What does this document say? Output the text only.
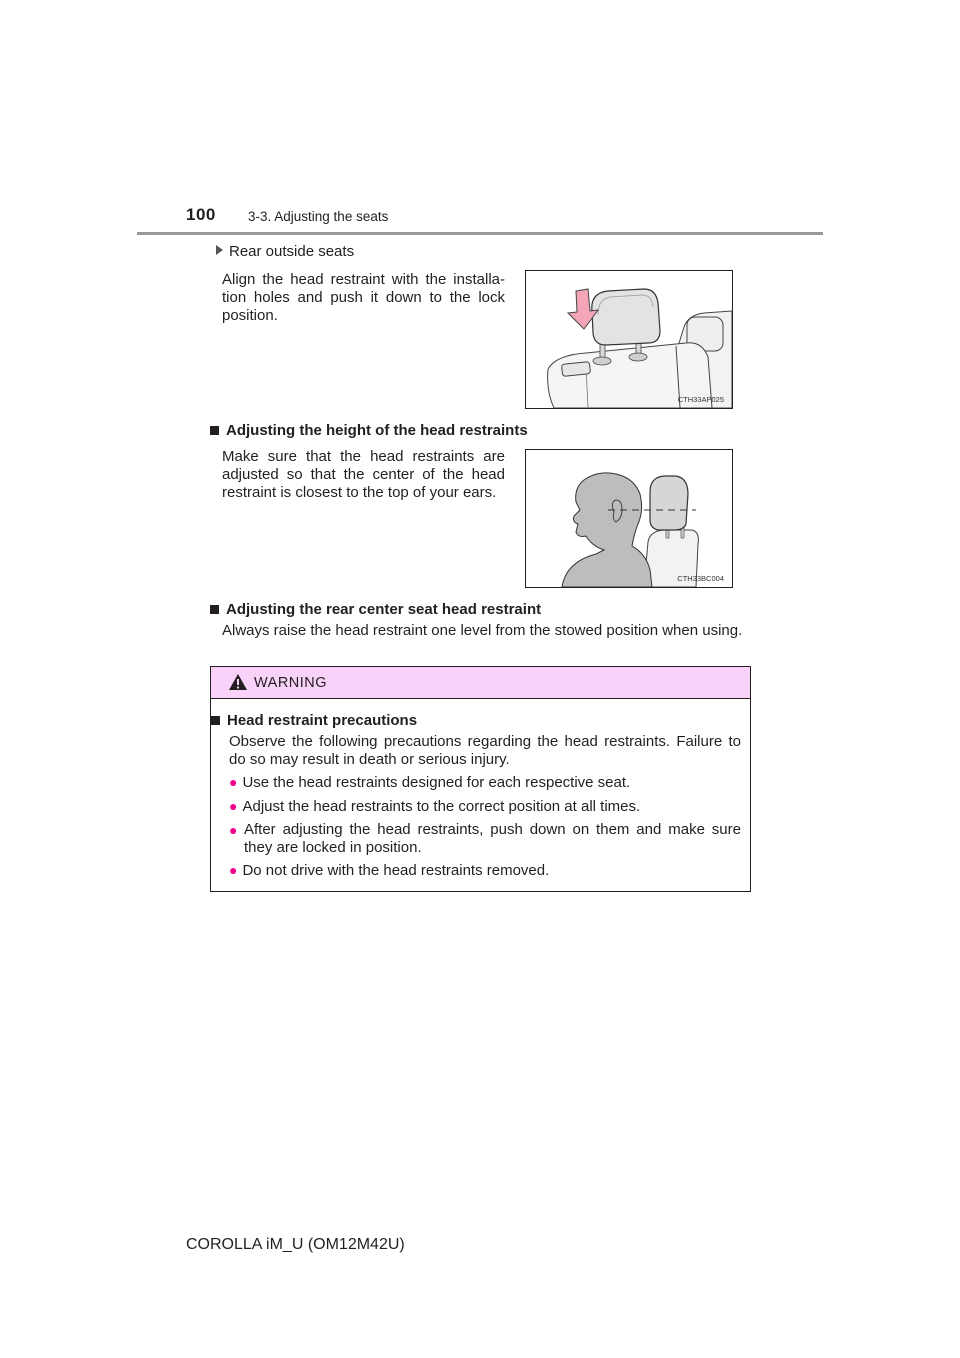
100 3-3. Adjusting the seats
Rear outside seats
Align the head restraint with the installa-tion holes and push it down to the lock position.
CTH33AP025
Adjusting the height of the head restraints
Make sure that the head restraints are adjusted so that the center of the head restraint is closest to the top of your ears.
CTH33BC004
Adjusting the rear center seat head restraint
Always raise the head restraint one level from the stowed position when using.
WARNING
Head restraint precautions
Observe the following precautions regarding the head restraints. Failure to do so may result in death or serious injury.
● Use the head restraints designed for each respective seat.
● Adjust the head restraints to the correct position at all times.
● After adjusting the head restraints, push down on them and make sure they are locked in position.
● Do not drive with the head restraints removed.
COROLLA iM_U (OM12M42U)
